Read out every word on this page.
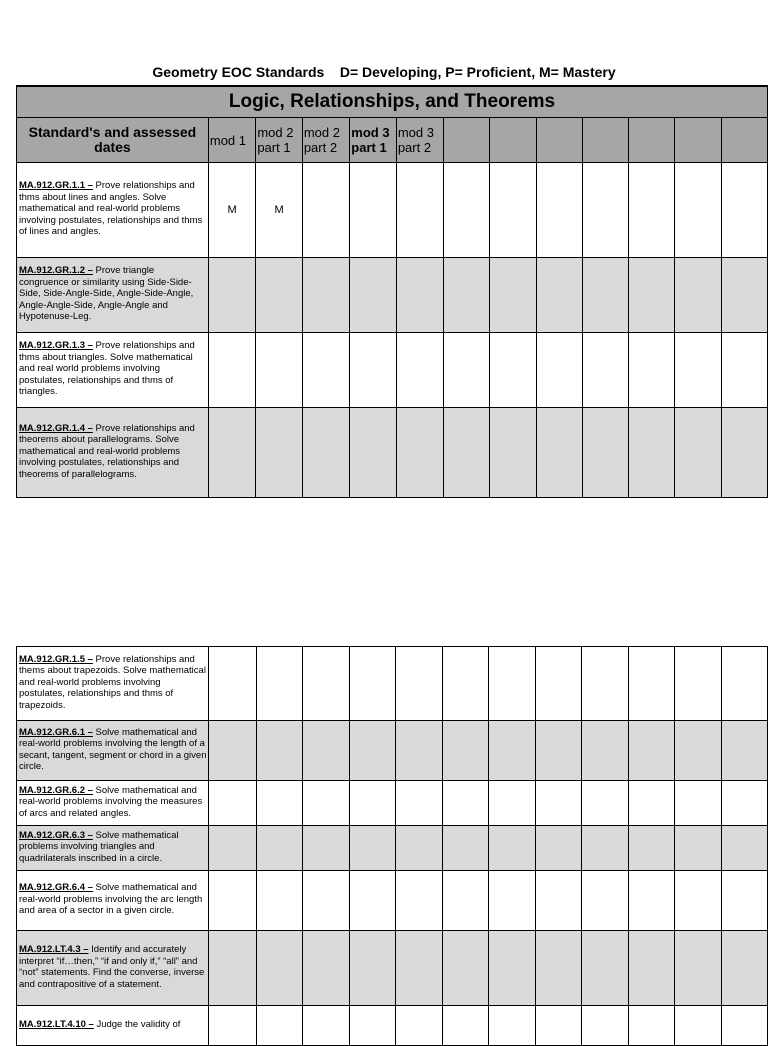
Geometry EOC Standards    D= Developing, P= Proficient, M= Mastery
Logic, Relationships, and Theorems												
Standard's and assessed dates	mod 1	mod 2 part 1	mod 2 part 2	mod 3 part 1	mod 3 part 2							
MA.912.GR.1.1 – Prove relationships and thms about lines and angles. Solve mathematical and real-world problems involving postulates, relationships and thms of lines and angles.	M	M										
MA.912.GR.1.2 – Prove triangle congruence or similarity using Side-Side-Side, Side-Angle-Side, Angle-Side-Angle, Angle-Angle-Side, Angle-Angle and Hypotenuse-Leg.												
MA.912.GR.1.3 – Prove relationships and thms about triangles. Solve mathematical and real world problems involving postulates, relationships and thms of triangles.												
MA.912.GR.1.4 – Prove relationships and theorems about parallelograms. Solve mathematical and real-world problems involving postulates, relationships and theorems of parallelograms.												
MA.912.GR.1.5 – Prove relationships and thems about trapezoids. Solve mathematical and real-world problems involving postulates, relationships and thms of trapezoids.												
MA.912.GR.6.1 – Solve mathematical and real-world problems involving the length of a secant, tangent, segment or chord in a given circle.												
MA.912.GR.6.2 – Solve mathematical and real-world problems involving the measures of arcs and related angles.												
MA.912.GR.6.3 – Solve mathematical problems involving triangles and quadrilaterals inscribed in a circle.												
MA.912.GR.6.4 – Solve mathematical and real-world problems involving the arc length and area of a sector in a given circle.												
MA.912.LT.4.3 – Identify and accurately interpret “if…then,” “if and only if,” “all” and “not” statements. Find the converse, inverse and contrapositive of a statement.												
MA.912.LT.4.10 – Judge the validity of												
